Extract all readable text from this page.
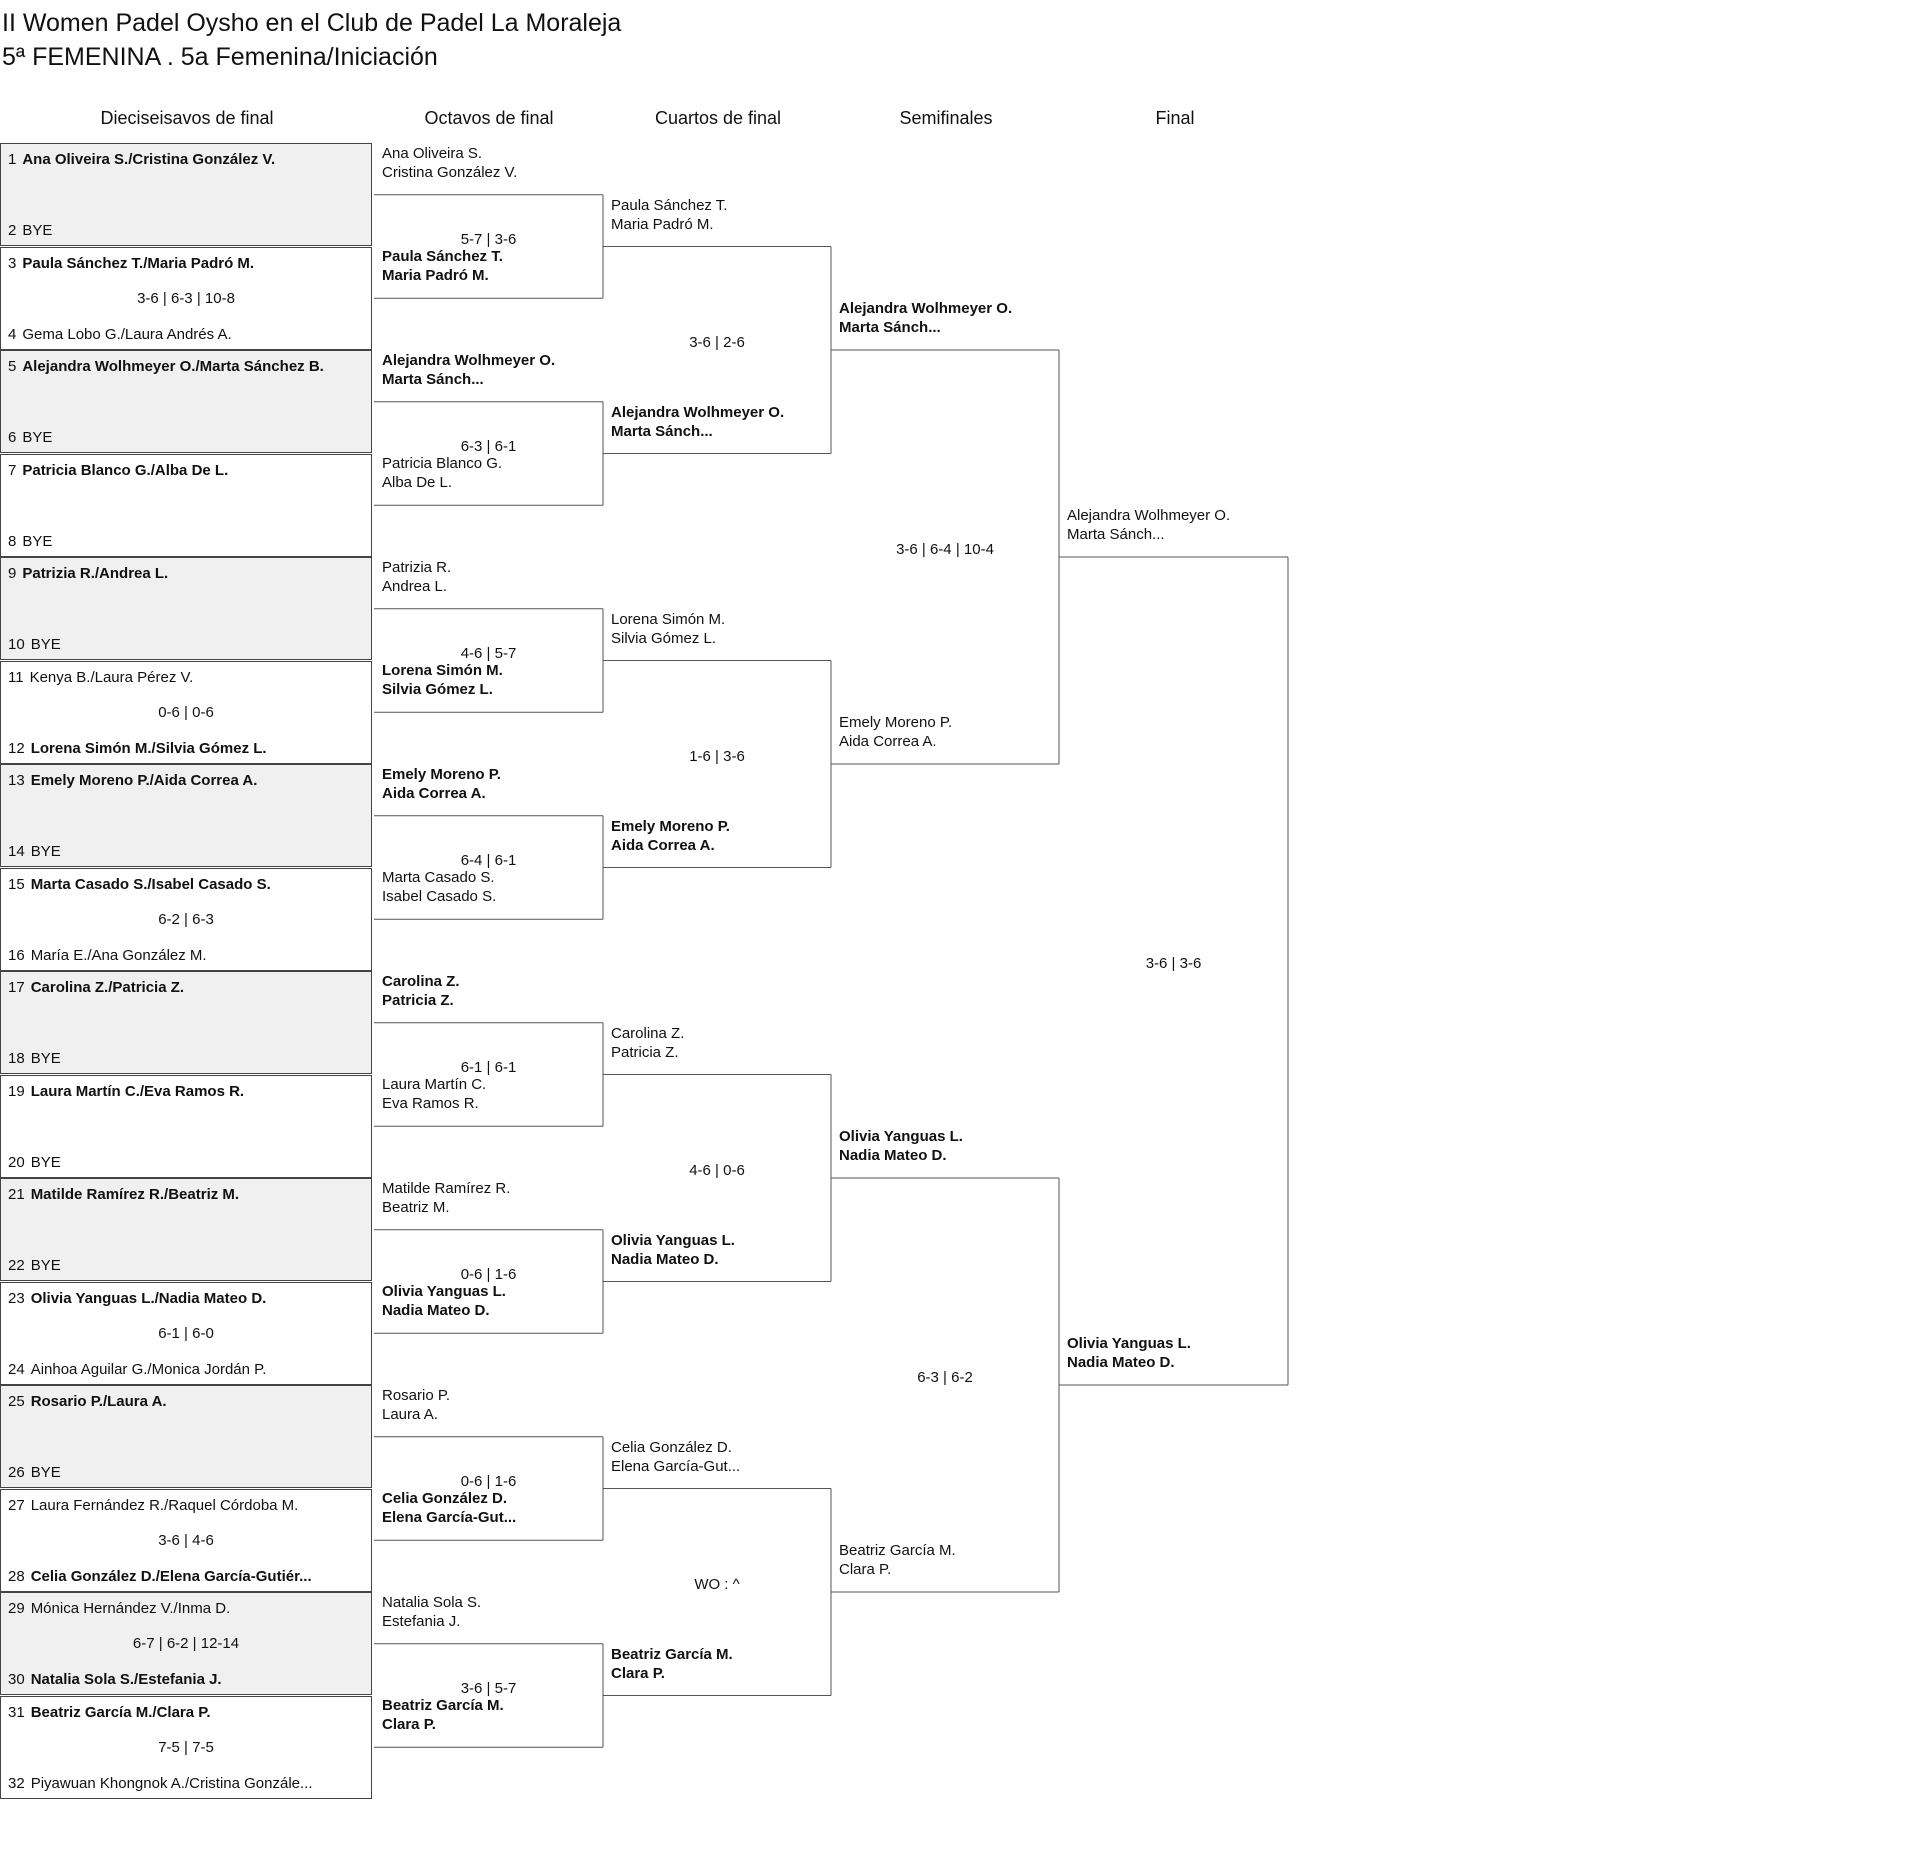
II Women Padel Oysho en el Club de Padel La Moraleja
5ª FEMENINA . 5a Femenina/Iniciación
Dieciseisavos de final	Octavos de final	Cuartos de final	Semifinales	Final
1 Ana Oliveira S./Cristina González V.
2 BYE
3 Paula Sánchez T./Maria Padró M.
4 Gema Lobo G./Laura Andrés A.
3-6 | 6-3 | 10-8
5 Alejandra Wolhmeyer O./Marta Sánchez B.
6 BYE
7 Patricia Blanco G./Alba De L.
8 BYE
9 Patrizia R./Andrea L.
10 BYE
11 Kenya B./Laura Pérez V.
12 Lorena Simón M./Silvia Gómez L.
0-6 | 0-6
13 Emely Moreno P./Aida Correa A.
14 BYE
15 Marta Casado S./Isabel Casado S.
16 María E./Ana González M.
6-2 | 6-3
17 Carolina Z./Patricia Z.
18 BYE
19 Laura Martín C./Eva Ramos R.
20 BYE
21 Matilde Ramírez R./Beatriz M.
22 BYE
23 Olivia Yanguas L./Nadia Mateo D.
24 Ainhoa Aguilar G./Monica Jordán P.
6-1 | 6-0
25 Rosario P./Laura A.
26 BYE
27 Laura Fernández R./Raquel Córdoba M.
28 Celia González D./Elena García-Gutiér...
3-6 | 4-6
29 Mónica Hernández V./Inma D.
30 Natalia Sola S./Estefania J.
6-7 | 6-2 | 12-14
31 Beatriz García M./Clara P.
32 Piyawuan Khongnok A./Cristina Gonzále...
7-5 | 7-5
Ana Oliveira S.
Cristina González V.
Paula Sánchez T.
Maria Padró M.
5-7 | 3-6
Alejandra Wolhmeyer O.
Marta Sánch...
Patricia Blanco G.
Alba De L.
6-3 | 6-1
Patrizia R.
Andrea L.
Lorena Simón M.
Silvia Gómez L.
4-6 | 5-7
Emely Moreno P.
Aida Correa A.
Marta Casado S.
Isabel Casado S.
6-4 | 6-1
Carolina Z.
Patricia Z.
Laura Martín C.
Eva Ramos R.
6-1 | 6-1
Matilde Ramírez R.
Beatriz M.
Olivia Yanguas L.
Nadia Mateo D.
0-6 | 1-6
Rosario P.
Laura A.
Celia González D.
Elena García-Gut...
0-6 | 1-6
Natalia Sola S.
Estefania J.
Beatriz García M.
Clara P.
3-6 | 5-7
Paula Sánchez T.
Maria Padró M.
Alejandra Wolhmeyer O.
Marta Sánch...
3-6 | 2-6
Lorena Simón M.
Silvia Gómez L.
Emely Moreno P.
Aida Correa A.
1-6 | 3-6
Carolina Z.
Patricia Z.
Olivia Yanguas L.
Nadia Mateo D.
4-6 | 0-6
Celia González D.
Elena García-Gut...
Beatriz García M.
Clara P.
WO : ^
Alejandra Wolhmeyer O.
Marta Sánch...
Emely Moreno P.
Aida Correa A.
3-6 | 6-4 | 10-4
Olivia Yanguas L.
Nadia Mateo D.
Beatriz García M.
Clara P.
6-3 | 6-2
Alejandra Wolhmeyer O.
Marta Sánch...
Olivia Yanguas L.
Nadia Mateo D.
3-6 | 3-6
